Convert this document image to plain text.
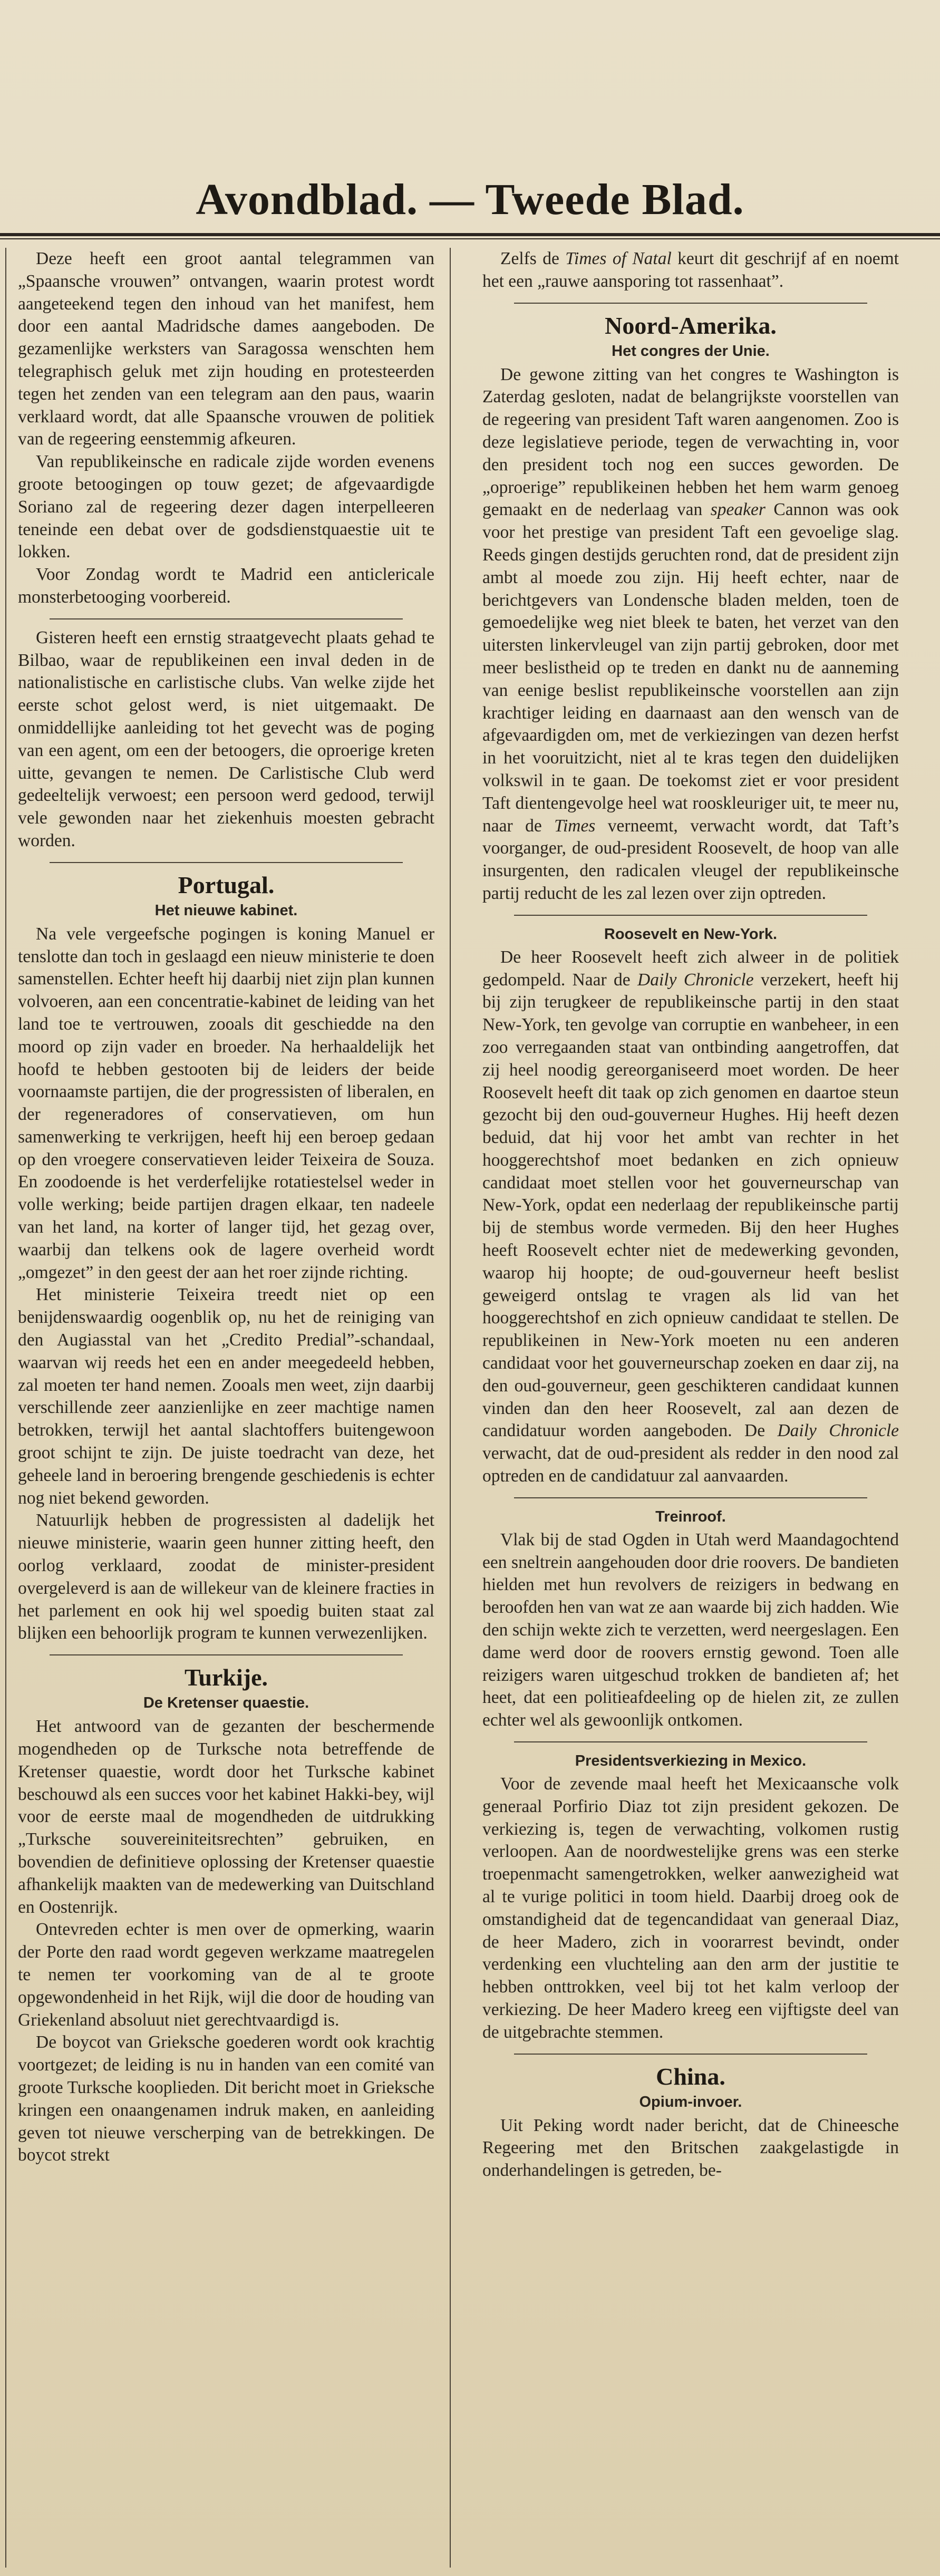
Avondblad. — Tweede Blad.

Deze heeft een groot aantal telegrammen van „Spaansche vrouwen” ontvangen, waarin protest wordt aangeteekend tegen den inhoud van het manifest, hem door een aantal Madridsche dames aangeboden. De gezamenlijke werksters van Saragossa wenschten hem telegraphisch geluk met zijn houding en protesteerden tegen het zenden van een telegram aan den paus, waarin verklaard wordt, dat alle Spaansche vrouwen de politiek van de regeering eenstemmig afkeuren.

Van republikeinsche en radicale zijde worden evenens groote betoogingen op touw gezet; de afgevaardigde Soriano zal de regeering dezer dagen interpelleeren teneinde een debat over de godsdienstquaestie uit te lokken.

Voor Zondag wordt te Madrid een anticlericale monsterbetooging voorbereid.

Gisteren heeft een ernstig straatgevecht plaats gehad te Bilbao, waar de republikeinen een inval deden in de nationalistische en carlistische clubs. Van welke zijde het eerste schot gelost werd, is niet uitgemaakt. De onmiddellijke aanleiding tot het gevecht was de poging van een agent, om een der betoogers, die oproerige kreten uitte, gevangen te nemen. De Carlistische Club werd gedeeltelijk verwoest; een persoon werd gedood, terwijl vele gewonden naar het ziekenhuis moesten gebracht worden.

Portugal.
Het nieuwe kabinet.

Na vele vergeefsche pogingen is koning Manuel er tenslotte dan toch in geslaagd een nieuw ministerie te doen samenstellen. Echter heeft hij daarbij niet zijn plan kunnen volvoeren, aan een concentratie-kabinet de leiding van het land toe te vertrouwen, zooals dit geschiedde na den moord op zijn vader en broeder. Na herhaaldelijk het hoofd te hebben gestooten bij de leiders der beide voornaamste partijen, die der progressisten of liberalen, en der regeneradores of conservatieven, om hun samenwerking te verkrijgen, heeft hij een beroep gedaan op den vroegere conservatieven leider Teixeira de Souza. En zoodoende is het verderfelijke rotatiestelsel weder in volle werking; beide partijen dragen elkaar, ten nadeele van het land, na korter of langer tijd, het gezag over, waarbij dan telkens ook de lagere overheid wordt „omgezet” in den geest der aan het roer zijnde richting.

Het ministerie Teixeira treedt niet op een benijdenswaardig oogenblik op, nu het de reiniging van den Augiasstal van het „Credito Predial”-schandaal, waarvan wij reeds het een en ander meegedeeld hebben, zal moeten ter hand nemen. Zooals men weet, zijn daarbij verschillende zeer aanzienlijke en zeer machtige namen betrokken, terwijl het aantal slachtoffers buitengewoon groot schijnt te zijn. De juiste toedracht van deze, het geheele land in beroering brengende geschiedenis is echter nog niet bekend geworden.

Natuurlijk hebben de progressisten al dadelijk het nieuwe ministerie, waarin geen hunner zitting heeft, den oorlog verklaard, zoodat de minister-president overgeleverd is aan de willekeur van de kleinere fracties in het parlement en ook hij wel spoedig buiten staat zal blijken een behoorlijk program te kunnen verwezenlijken.

Turkije.
De Kretenser quaestie.

Het antwoord van de gezanten der beschermende mogendheden op de Turksche nota betreffende de Kretenser quaestie, wordt door het Turksche kabinet beschouwd als een succes voor het kabinet Hakki-bey, wijl voor de eerste maal de mogendheden de uitdrukking „Turksche souvereiniteitsrechten” gebruiken, en bovendien de definitieve oplossing der Kretenser quaestie afhankelijk maakten van de medewerking van Duitschland en Oostenrijk.

Ontevreden echter is men over de opmerking, waarin der Porte den raad wordt gegeven werkzame maatregelen te nemen ter voorkoming van de al te groote opgewondenheid in het Rijk, wijl die door de houding van Griekenland absoluut niet gerechtvaardigd is.

De boycot van Grieksche goederen wordt ook krachtig voortgezet; de leiding is nu in handen van een comité van groote Turksche kooplieden. Dit bericht moet in Grieksche kringen een onaangenamen indruk maken, en aanleiding geven tot nieuwe verscherping van de betrekkingen. De boycot strekt

Zelfs de Times of Natal keurt dit geschrijf af en noemt het een „rauwe aansporing tot rassenhaat”.

Noord-Amerika.
Het congres der Unie.

De gewone zitting van het congres te Washington is Zaterdag gesloten, nadat de belangrijkste voorstellen van de regeering van president Taft waren aangenomen. Zoo is deze legislatieve periode, tegen de verwachting in, voor den president toch nog een succes geworden. De „oproerige” republikeinen hebben het hem warm genoeg gemaakt en de nederlaag van speaker Cannon was ook voor het prestige van president Taft een gevoelige slag. Reeds gingen destijds geruchten rond, dat de president zijn ambt al moede zou zijn. Hij heeft echter, naar de berichtgevers van Londensche bladen melden, toen de gemoedelijke weg niet bleek te baten, het verzet van den uitersten linkervleugel van zijn partij gebroken, door met meer beslistheid op te treden en dankt nu de aanneming van eenige beslist republikeinsche voorstellen aan zijn krachtiger leiding en daarnaast aan den wensch van de afgevaardigden om, met de verkiezingen van dezen herfst in het vooruitzicht, niet al te kras tegen den duidelijken volkswil in te gaan. De toekomst ziet er voor president Taft dientengevolge heel wat rooskleuriger uit, te meer nu, naar de Times verneemt, verwacht wordt, dat Taft’s voorganger, de oud-president Roosevelt, de hoop van alle insurgenten, den radicalen vleugel der republikeinsche partij reducht de les zal lezen over zijn optreden.

Roosevelt en New-York.

De heer Roosevelt heeft zich alweer in de politiek gedompeld. Naar de Daily Chronicle verzekert, heeft hij bij zijn terugkeer de republikeinsche partij in den staat New-York, ten gevolge van corruptie en wanbeheer, in een zoo verregaanden staat van ontbinding aangetroffen, dat zij heel noodig gereorganiseerd moet worden. De heer Roosevelt heeft dit taak op zich genomen en daartoe steun gezocht bij den oud-gouverneur Hughes. Hij heeft dezen beduid, dat hij voor het ambt van rechter in het hooggerechtshof moet bedanken en zich opnieuw candidaat moet stellen voor het gouverneurschap van New-York, opdat een nederlaag der republikeinsche partij bij de stembus worde vermeden. Bij den heer Hughes heeft Roosevelt echter niet de medewerking gevonden, waarop hij hoopte; de oud-gouverneur heeft beslist geweigerd ontslag te vragen als lid van het hooggerechtshof en zich opnieuw candidaat te stellen. De republikeinen in New-York moeten nu een anderen candidaat voor het gouverneurschap zoeken en daar zij, na den oud-gouverneur, geen geschikteren candidaat kunnen vinden dan den heer Roosevelt, zal aan dezen de candidatuur worden aangeboden. De Daily Chronicle verwacht, dat de oud-president als redder in den nood zal optreden en de candidatuur zal aanvaarden.

Treinroof.

Vlak bij de stad Ogden in Utah werd Maandagochtend een sneltrein aangehouden door drie roovers. De bandieten hielden met hun revolvers de reizigers in bedwang en beroofden hen van wat ze aan waarde bij zich hadden. Wie den schijn wekte zich te verzetten, werd neergeslagen. Een dame werd door de roovers ernstig gewond. Toen alle reizigers waren uitgeschud trokken de bandieten af; het heet, dat een politieafdeeling op de hielen zit, ze zullen echter wel als gewoonlijk ontkomen.

Presidentsverkiezing in Mexico.

Voor de zevende maal heeft het Mexicaansche volk generaal Porfirio Diaz tot zijn president gekozen. De verkiezing is, tegen de verwachting, volkomen rustig verloopen. Aan de noordwestelijke grens was een sterke troepenmacht samengetrokken, welker aanwezigheid wat al te vurige politici in toom hield. Daarbij droeg ook de omstandigheid dat de tegencandidaat van generaal Diaz, de heer Madero, zich in voorarrest bevindt, onder verdenking een vluchteling aan den arm der justitie te hebben onttrokken, veel bij tot het kalm verloop der verkiezing. De heer Madero kreeg een vijftigste deel van de uitgebrachte stemmen.

China.
Opium-invoer.

Uit Peking wordt nader bericht, dat de Chineesche Regeering met den Britschen zaakgelastigde in onderhandelingen is getreden, be-
